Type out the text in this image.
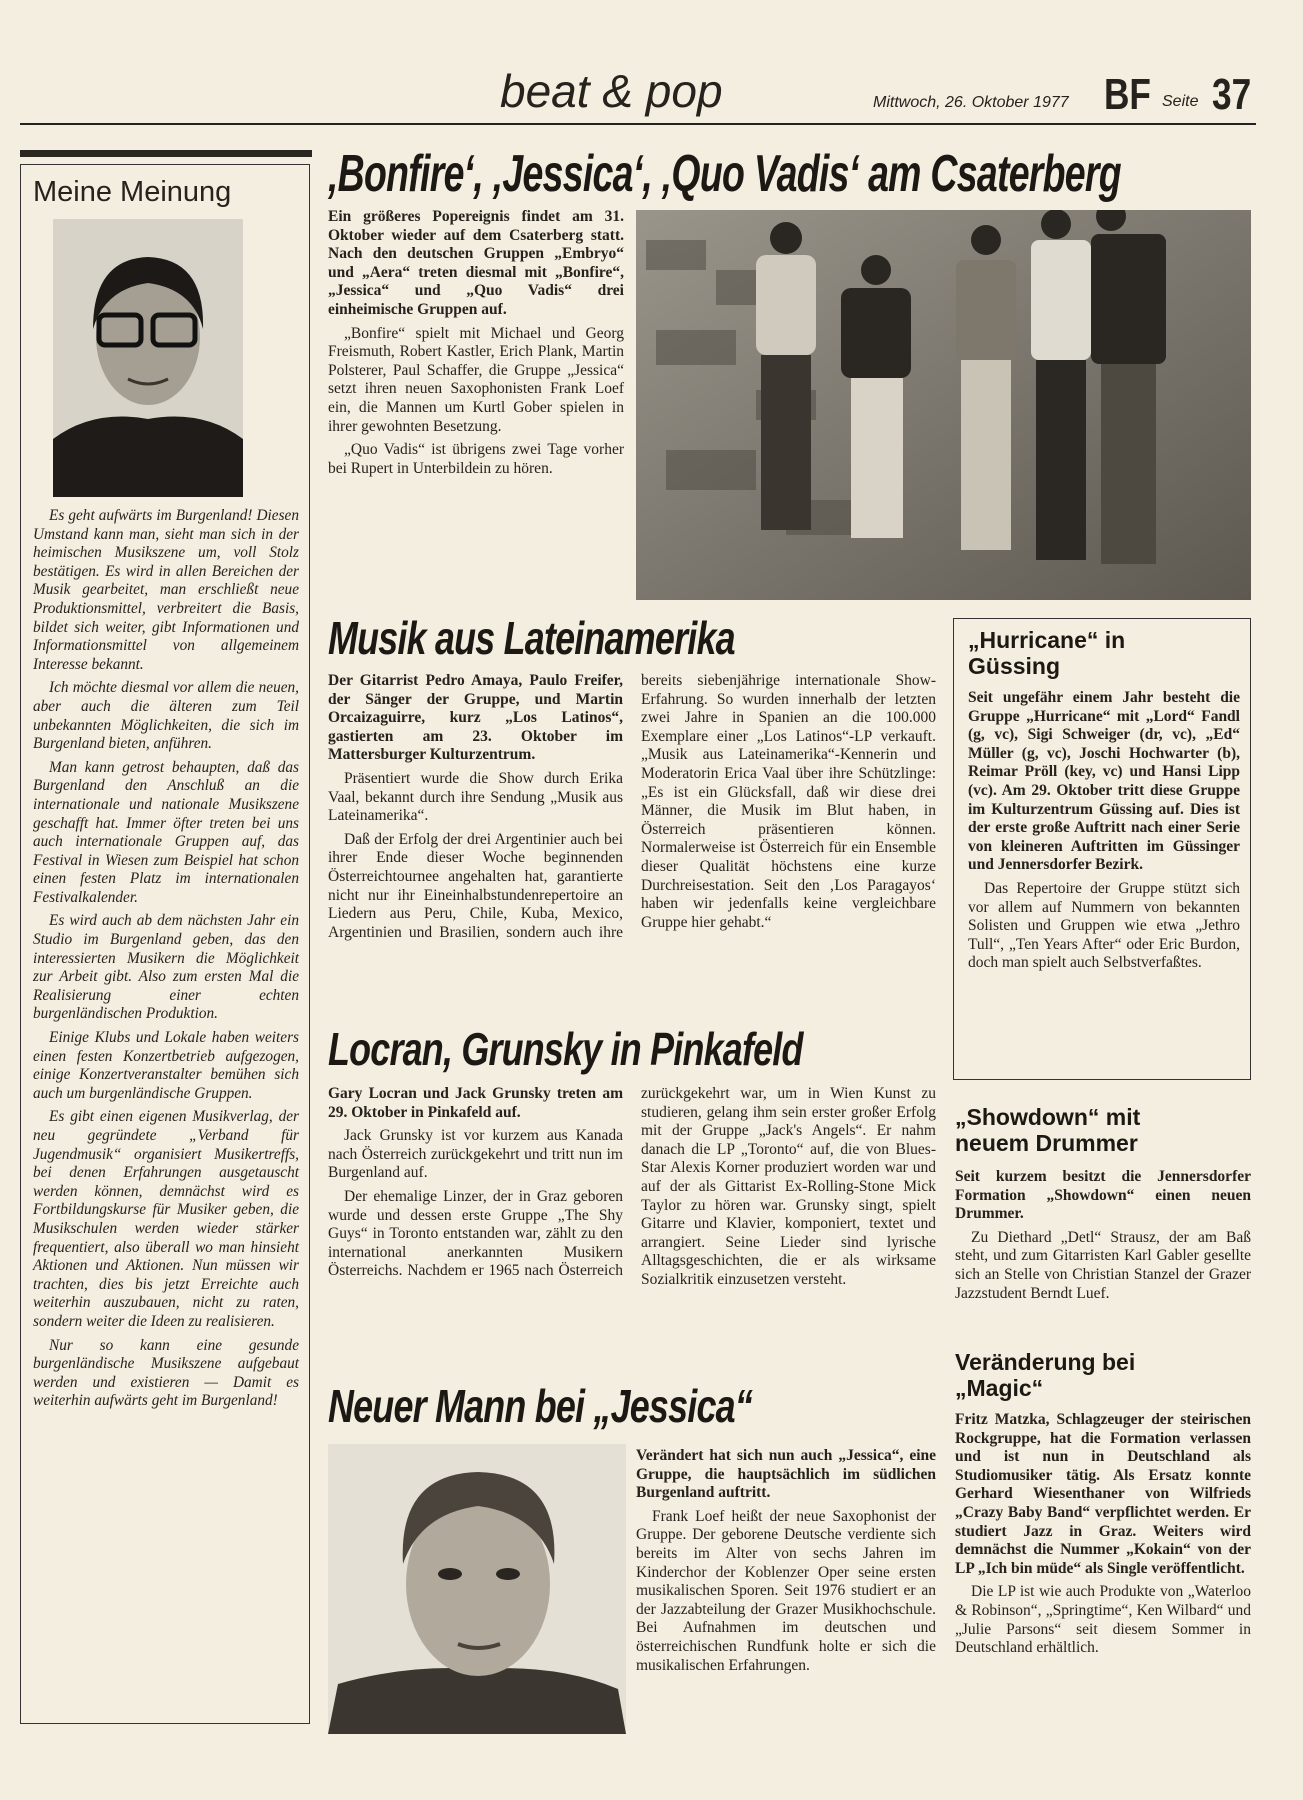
beat & pop	Mittwoch, 26. Oktober 1977 BF Seite 37
Meine Meinung

Es geht aufwärts im Burgenland! Diesen Umstand kann man, sieht man sich in der heimischen Musikszene um, voll Stolz bestätigen. Es wird in allen Bereichen der Musik gearbeitet, man erschließt neue Produktionsmittel, verbreitert die Basis, bildet sich weiter, gibt Informationen und Informationsmittel von allgemeinem Interesse bekannt.

Ich möchte diesmal vor allem die neuen, aber auch die älteren zum Teil unbekannten Möglichkeiten, die sich im Burgenland bieten, anführen.

Man kann getrost behaupten, daß das Burgenland den Anschluß an die internationale und nationale Musikszene geschafft hat. Immer öfter treten bei uns auch internationale Gruppen auf, das Festival in Wiesen zum Beispiel hat schon einen festen Platz im internationalen Festivalkalender.

Es wird auch ab dem nächsten Jahr ein Studio im Burgenland geben, das den interessierten Musikern die Möglichkeit zur Arbeit gibt. Also zum ersten Mal die Realisierung einer echten burgenländischen Produktion.

Einige Klubs und Lokale haben weiters einen festen Konzertbetrieb aufgezogen, einige Konzertveranstalter bemühen sich auch um burgenländische Gruppen.

Es gibt einen eigenen Musikverlag, der neu gegründete „Verband für Jugendmusik“ organisiert Musikertreffs, bei denen Erfahrungen ausgetauscht werden können, demnächst wird es Fortbildungskurse für Musiker geben, die Musikschulen werden wieder stärker frequentiert, also überall wo man hinsieht Aktionen und Aktionen. Nun müssen wir trachten, dies bis jetzt Erreichte auch weiterhin auszubauen, nicht zu raten, sondern weiter die Ideen zu realisieren.

Nur so kann eine gesunde burgenländische Musikszene aufgebaut werden und existieren — Damit es weiterhin aufwärts geht im Burgenland!

‚Bonfire‘, ‚Jessica‘, ‚Quo Vadis‘ am Csaterberg

Ein größeres Popereignis findet am 31. Oktober wieder auf dem Csaterberg statt. Nach den deutschen Gruppen „Embryo“ und „Aera“ treten diesmal mit „Bonfire“, „Jessica“ und „Quo Vadis“ drei einheimische Gruppen auf.

„Bonfire“ spielt mit Michael und Georg Freismuth, Robert Kastler, Erich Plank, Martin Polsterer, Paul Schaffer, die Gruppe „Jessica“ setzt ihren neuen Saxophonisten Frank Loef ein, die Mannen um Kurtl Gober spielen in ihrer gewohnten Besetzung.

„Quo Vadis“ ist übrigens zwei Tage vorher bei Rupert in Unterbildein zu hören.

Musik aus Lateinamerika

Der Gitarrist Pedro Amaya, Paulo Freifer, der Sänger der Gruppe, und Martin Orcaizaguirre, kurz „Los Latinos“, gastierten am 23. Oktober im Mattersburger Kulturzentrum.

Präsentiert wurde die Show durch Erika Vaal, bekannt durch ihre Sendung „Musik aus Lateinamerika“.

Daß der Erfolg der drei Argentinier auch bei ihrer Ende dieser Woche beginnenden Österreichtournee angehalten hat, garantierte nicht nur ihr Eineinhalbstundenrepertoire an Liedern aus Peru, Chile, Kuba, Mexico, Argentinien und Brasilien, sondern auch ihre bereits siebenjährige internationale Show-Erfahrung. So wurden innerhalb der letzten zwei Jahre in Spanien an die 100.000 Exemplare einer „Los Latinos“-LP verkauft. „Musik aus Lateinamerika“-Kennerin und Moderatorin Erica Vaal über ihre Schützlinge: „Es ist ein Glücksfall, daß wir diese drei Männer, die Musik im Blut haben, in Österreich präsentieren können. Normalerweise ist Österreich für ein Ensemble dieser Qualität höchstens eine kurze Durchreisestation. Seit den ‚Los Paragayos‘ haben wir jedenfalls keine vergleichbare Gruppe hier gehabt.“

„Hurricane“ in Güssing

Seit ungefähr einem Jahr besteht die Gruppe „Hurricane“ mit „Lord“ Fandl (g, vc), Sigi Schweiger (dr, vc), „Ed“ Müller (g, vc), Joschi Hochwarter (b), Reimar Pröll (key, vc) und Hansi Lipp (vc). Am 29. Oktober tritt diese Gruppe im Kulturzentrum Güssing auf. Dies ist der erste große Auftritt nach einer Serie von kleineren Auftritten im Güssinger und Jennersdorfer Bezirk.

Das Repertoire der Gruppe stützt sich vor allem auf Nummern von bekannten Solisten und Gruppen wie etwa „Jethro Tull“, „Ten Years After“ oder Eric Burdon, doch man spielt auch Selbstverfaßtes.

Locran, Grunsky in Pinkafeld

Gary Locran und Jack Grunsky treten am 29. Oktober in Pinkafeld auf.

Jack Grunsky ist vor kurzem aus Kanada nach Österreich zurückgekehrt und tritt nun im Burgenland auf.

Der ehemalige Linzer, der in Graz geboren wurde und dessen erste Gruppe „The Shy Guys“ in Toronto entstanden war, zählt zu den international anerkannten Musikern Österreichs. Nachdem er 1965 nach Österreich zurückgekehrt war, um in Wien Kunst zu studieren, gelang ihm sein erster großer Erfolg mit der Gruppe „Jack's Angels“. Er nahm danach die LP „Toronto“ auf, die von Blues-Star Alexis Korner produziert worden war und auf der als Gittarist Ex-Rolling-Stone Mick Taylor zu hören war. Grunsky singt, spielt Gitarre und Klavier, komponiert, textet und arrangiert. Seine Lieder sind lyrische Alltagsgeschichten, die er als wirksame Sozialkritik einzusetzen versteht.

„Showdown“ mit neuem Drummer

Seit kurzem besitzt die Jennersdorfer Formation „Showdown“ einen neuen Drummer.

Zu Diethard „Detl“ Strausz, der am Baß steht, und zum Gitarristen Karl Gabler gesellte sich an Stelle von Christian Stanzel der Grazer Jazzstudent Berndt Luef.

Neuer Mann bei „Jessica“

Verändert hat sich nun auch „Jessica“, eine Gruppe, die hauptsächlich im südlichen Burgenland auftritt.

Frank Loef heißt der neue Saxophonist der Gruppe. Der geborene Deutsche verdiente sich bereits im Alter von sechs Jahren im Kinderchor der Koblenzer Oper seine ersten musikalischen Sporen. Seit 1976 studiert er an der Jazzabteilung der Grazer Musikhochschule. Bei Aufnahmen im deutschen und österreichischen Rundfunk holte er sich die musikalischen Erfahrungen.

Veränderung bei „Magic“

Fritz Matzka, Schlagzeuger der steirischen Rockgruppe, hat die Formation verlassen und ist nun in Deutschland als Studiomusiker tätig. Als Ersatz konnte Gerhard Wiesenthaner von Wilfrieds „Crazy Baby Band“ verpflichtet werden. Er studiert Jazz in Graz. Weiters wird demnächst die Nummer „Kokain“ von der LP „Ich bin müde“ als Single veröffentlicht.

Die LP ist wie auch Produkte von „Waterloo & Robinson“, „Springtime“, Ken Wilbard“ und „Julie Parsons“ seit diesem Sommer in Deutschland erhältlich.
